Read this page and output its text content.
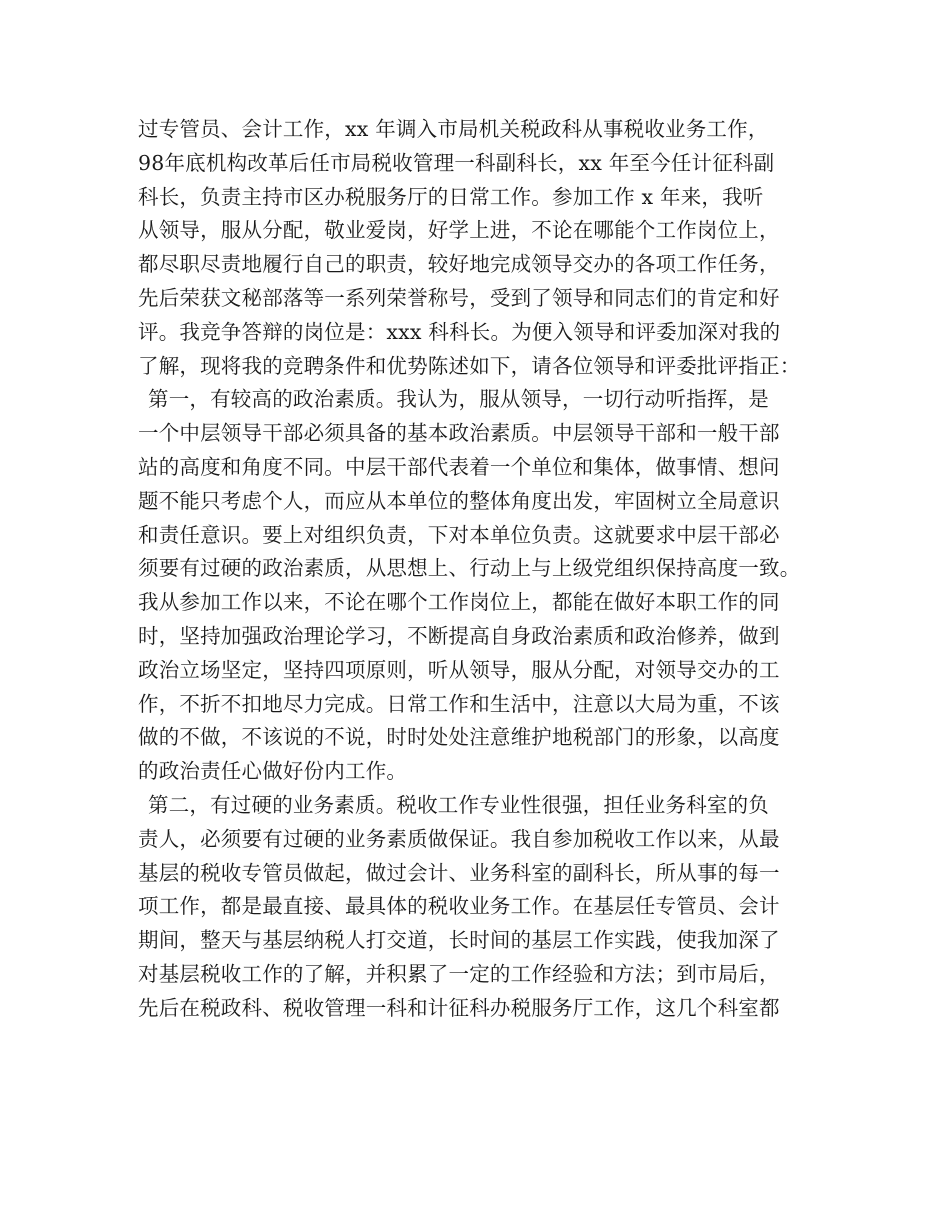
过专管员、会计工作，xx 年调入市局机关税政科从事税收业务工作，
98年底机构改革后任市局税收管理一科副科长，xx 年至今任计征科副
科长，负责主持市区办税服务厅的日常工作。参加工作 x 年来，我听
从领导，服从分配，敬业爱岗，好学上进，不论在哪能个工作岗位上，
都尽职尽责地履行自己的职责，较好地完成领导交办的各项工作任务，
先后荣获文秘部落等一系列荣誉称号，受到了领导和同志们的肯定和好
评。我竞争答辩的岗位是：xxx 科科长。为便入领导和评委加深对我的
了解，现将我的竞聘条件和优势陈述如下，请各位领导和评委批评指正：
第一，有较高的政治素质。我认为，服从领导，一切行动听指挥，是
一个中层领导干部必须具备的基本政治素质。中层领导干部和一般干部
站的高度和角度不同。中层干部代表着一个单位和集体，做事情、想问
题不能只考虑个人，而应从本单位的整体角度出发，牢固树立全局意识
和责任意识。要上对组织负责，下对本单位负责。这就要求中层干部必
须要有过硬的政治素质，从思想上、行动上与上级党组织保持高度一致。
我从参加工作以来，不论在哪个工作岗位上，都能在做好本职工作的同
时，坚持加强政治理论学习，不断提高自身政治素质和政治修养，做到
政治立场坚定，坚持四项原则，听从领导，服从分配，对领导交办的工
作，不折不扣地尽力完成。日常工作和生活中，注意以大局为重，不该
做的不做，不该说的不说，时时处处注意维护地税部门的形象，以高度
的政治责任心做好份内工作。
第二，有过硬的业务素质。税收工作专业性很强，担任业务科室的负
责人，必须要有过硬的业务素质做保证。我自参加税收工作以来，从最
基层的税收专管员做起，做过会计、业务科室的副科长，所从事的每一
项工作，都是最直接、最具体的税收业务工作。在基层任专管员、会计
期间，整天与基层纳税人打交道，长时间的基层工作实践，使我加深了
对基层税收工作的了解，并积累了一定的工作经验和方法；到市局后，
先后在税政科、税收管理一科和计征科办税服务厅工作，这几个科室都
